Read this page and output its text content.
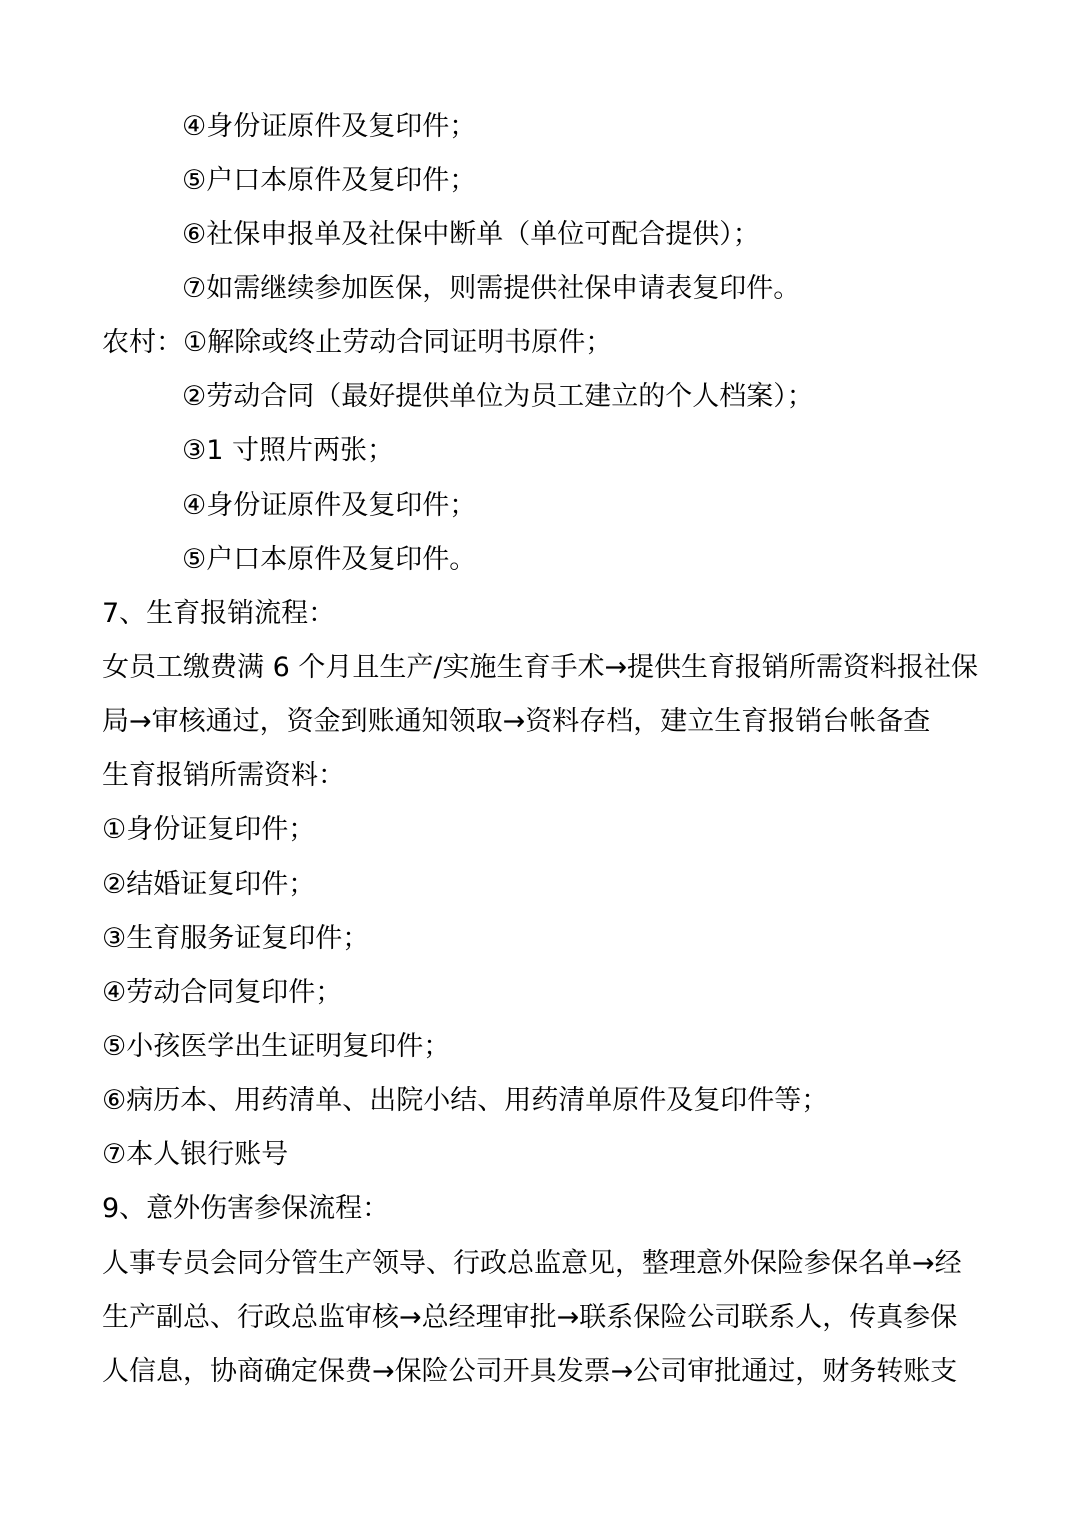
④身份证原件及复印件；
⑤户口本原件及复印件；
⑥社保申报单及社保中断单（单位可配合提供）；
⑦如需继续参加医保，则需提供社保申请表复印件。
农村：①解除或终止劳动合同证明书原件；
②劳动合同（最好提供单位为员工建立的个人档案）；
③1 寸照片两张；
④身份证原件及复印件；
⑤户口本原件及复印件。
7、生育报销流程：
女员工缴费满 6 个月且生产/实施生育手术→提供生育报销所需资料报社保
局→审核通过，资金到账通知领取→资料存档，建立生育报销台帐备查
生育报销所需资料：
①身份证复印件；
②结婚证复印件；
③生育服务证复印件；
④劳动合同复印件；
⑤小孩医学出生证明复印件；
⑥病历本、用药清单、出院小结、用药清单原件及复印件等；
⑦本人银行账号
9、意外伤害参保流程：
人事专员会同分管生产领导、行政总监意见，整理意外保险参保名单→经
生产副总、行政总监审核→总经理审批→联系保险公司联系人，传真参保
人信息，协商确定保费→保险公司开具发票→公司审批通过，财务转账支
